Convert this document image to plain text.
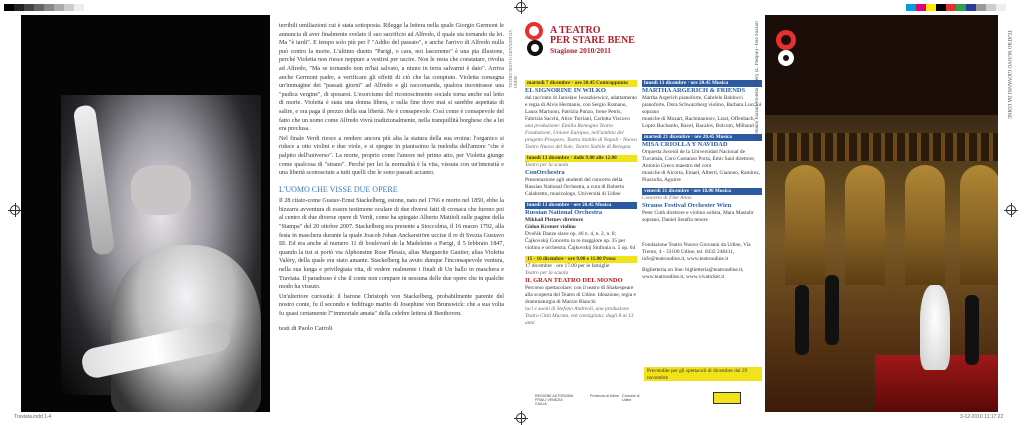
terribili umiliazioni cui è stata sottoposta. Rilegge la lettera nella quale Giorgio Germont le annuncia di aver finalmente svelato il suo sacrificio ad Alfredo, il quale sta tornando da lei. Ma "è tardi". E tempo solo più per l' "Addio del passato", e anche l'arrivo di Alfredo nulla può contro la morte. L'ultimo duetto "Parigi, o cara, noi lasceremo" è una pia illusione, perché Violetta non riesce neppure a vestirsi per uscire. Non le resta che constatare, rivolta ad Alfredo, "Ma se tornando non m'hai salvato, a niuno in terra salvarmi è dato". Arriva anche Germont padre, a verificare gli effetti di ciò che ha compiuto. Violetta consegna un'immagine dei "passati giorni" ad Alfredo e gli raccomanda, qualora incontrasse una "pudica vergine", di sposarsi. L'esorcismo del riconoscimento sociale torna anche sul letto di morte. Violetta è stata una donna libera, e sulla fine dove mai si sarebbe aspettata di salire, e ora paga il prezzo della sua libertà. Ne è consapevole. Così come è consapevole del fatto che un uomo come Alfredo vivrà tradizionalmente, nella tranquillità borghese che a lei era preclusa.

Nel finale Verdi riesce a rendere ancora più alta la statura della sua eroina: l'organico si riduce a otto violini e due viole, e si spegne in pianissimo la melodia dell'amore "che è palpito dell'universo". La morte, proprio come l'amore nel primo atto, per Violetta giunge come qualcosa di "strano". Perché per lei la normalità è la vita, vissuta con un'intensità e una libertà sconosciute a tutti quelli che le sono passati accanto.

L'UOMO CHE VISSE DUE OPERE

Il 28 citato-come Gustav-Ernst Stackelberg, estone, nato nel 1766 e morto nel 1850, ebbe la bizzarra avventura di essere testimone oculare di due diversi fatti di cronaca che furono poi al centro di due diverse opere di Verdi, come ha spiegato Alberto Mattioli sulle pagine della "Stampa" del 20 ottobre 2007. Stackelberg era presente a Stoccolma, il 16 marzo 1792, alla festa in maschera durante la quale Joacob Johan Anckarström uccise il re di Svezia Gustavo III. Ed era anche al numero 11 di boulevard de la Madeleine a Parigi, il 5 febbraio 1847, quando la tisi si portò via Alphonsine Rose Plessis, alias Marguerite Gautier, alias Violetta Valéry, della quale era stato amante. Stackelberg ha avuto dunque l'inconsapevole ventura, nella sua lunga e privilegiata vita, di vedere realmente i finali di Un ballo in maschera e Traviata. Il paradosso è che il conte non compare in nessuna delle due opere che in qualche modo ha vissuto.

Un'ulteriore curiosità: il barone Christoph von Stackelberg, probabilmente parente del nostro conte, fu il secondo e fedifrago marito di Josephine von Brunswick: che a sua volta fu quasi certamente l'"immortale amata" della celebre lettera di Beethoven.

testi di Paolo Cairoli

TEATRO NUOVO GIOVANNI DA UDINE
A TEATRO
PER STARE BENE
Stagione 2010/2011
martedì 7 dicembre · ore 20.45 Contrappunto
EL SIGNORINE IN WILKO
dal racconto di Jarosław Iwaszkiewicz, adattamento e regia di Alvis Hermanis, con Sergio Romano, Laura Marinoni, Patrizia Punzo, Irene Petris, Fabrizia Sacchi, Alice Torriani, Carlotta Viscovo
una produzione: Emilia Romagna Teatro Fondazione, Unione Europea, nell'ambito del progetto Prospero, Teatro Stabile di Napoli - Nuovo Teatro Nuovo del Sole, Teatro Stabile di Bologna
lunedì 13 dicembre · dalle 9.00 alle 12.00
Teatro per la scuola
ConOrchestra
Presentazione agli studenti del concerto della Russian National Orchestra, a cura di Roberto Calabretto, musicologo, Università di Udine
lunedì 13 dicembre · ore 20.45 Musica
Russian National Orchestra
Mikhail Pletnev direttore
Gidon Kremer violino
Dvořák Danze slave op. 46 n. 4, n. 2, n. 8; Čajkovskij Concerto in re maggiore op. 35 per violino e orchestra; Čajkovskij Sinfonia n. 5 op. 64
15 - 16 dicembre · ore 9.00 e 11.00 Prosa
17 dicembre · ore 17.00 per le famiglie
Teatro per la scuola
IL GRAN TEATRO DEL MONDO
Percorso spettacolare: con il teatro di Shakespeare alla scoperta del Teatro di Udine. Ideazione, regia e drammaturgia di Marzio Bianchi
luci e suoni di Stefano Andreoli, una produzione Teatro Città Murata, età consigliata: dagli 8 ai 13 anni
lunedì 13 dicembre · ore 20.45 Musica
MARTHA ARGERICH & FRIENDS
Martha Argerich pianoforte, Gabriele Baldocci pianoforte, Dora Schwarzberg violino, Barbara Luccini soprano
musiche di Mozart, Rachmaninov, Liszt, Offenbach, Lopez Buchardo, Ravel, Bacalov, Bolcom, Milhaud
martedì 21 dicembre · ore 20.45 Musica
MISA CRIOLLA Y NAVIDAD
Orquesta Juvenil de la Universidad Nacional de Tucumán, Coro Costanzo Porta, Emir Saul direttore, Antonio Greco maestro del coro
musiche di Alcorta, Emael, Alberti, Gianneo, Ramírez, Piazzolla, Aguirre
venerdì 31 dicembre · ore 18.00 Musica
Concerto di Fine Anno
Strauss Festival Orchester Wien
Peter Guth direttore e violino solista, Mara Mastalir soprano, Daniel Serafin tenore
Fondazione Teatro Nuovo Giovanni da Udine, Via Trento, 4 - 33100 Udine, tel. 0432 248411, info@teatroudine.it, www.teatroudine.it
Biglietteria on line: biglietteria@teatroudine.it, www.teatroudine.it, www.vivaticket.it
Prevendite per gli spettacoli di dicembre dal 29 novembre
REGIONE AUTONOMA FRIULI VENEZIA GIULIA
Provincia di Udine Comune di Udine
© Studio Fazzari Violetta Valéry (L. Pasque) - foto Fazzari	TEATRO NUOVO GIOVANNI DA UDINE
Traviata.indd 1-4	3-12-2010 11:17:22
